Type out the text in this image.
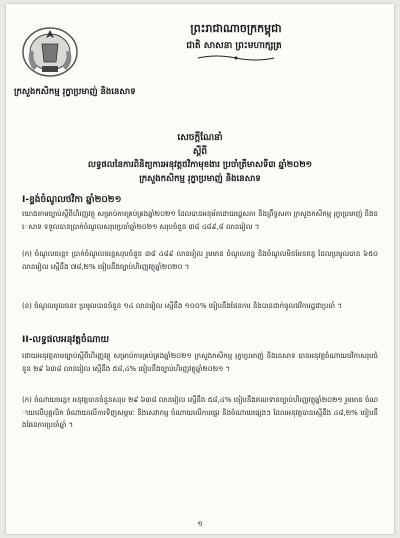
ព្រះរាជាណាចក្រកម្ពុជា
ជាតិ សាសនា ព្រះមហាក្សត្រ
ក្រសួងកសិកម្ម រុក្ខាប្រមាញ់ និងនេសាទ
សេចក្តីណែនាំ
ស្តីពី
លទ្ធផលនៃការពិនិត្យការអនុវត្តថវិកាមុខងារ ប្រចាំត្រីមាសទី៣ ឆ្នាំ២០២១
ក្រសួងកសិកម្ម រុក្ខាប្រមាញ់ និងនេសាទ
I-ខ្ទង់ចំណូលថវិកា ឆ្នាំ២០២១
យោងតាមច្បាប់ស្តីពីហិរញ្ញវត្ថុ សម្រាប់ការគ្រប់គ្រងឆ្នាំ២០២១ ដែលបានអនុម័តដោយរដ្ឋសភា និងព្រឹទ្ធសភា ក្រសួងកសិកម្ម រុក្ខាប្រមាញ់ និងនេសាទ ទទួលបានប្រាក់ចំណូលសរុបប្រចាំឆ្នាំ២០២១ សរុបចំនួន ៣៨ ៤៨៩,៨ លានរៀល ។
(ក) ចំណូលចរន្ត៖ ប្រាក់ចំណូលចរន្តសរុបចំនួន ៣៨ ៤៨៩ លានរៀល រួមមាន ចំណូលពន្ធ និងចំណូលមិនមែនពន្ធ ដែលប្រមូលបាន ៦៥០ លានរៀល ស្មើនឹង ៧៨,២% ធៀបនឹងច្បាប់ហិរញ្ញវត្ថុឆ្នាំ២០២០ ។
(ខ) ចំណូលមូលធន៖ ប្រមូលបានចំនួន ១៤ លានរៀល ស្មើនឹង ១០០% ធៀបនឹងផែនការ និងបានដាក់ចូលថវិការដ្ឋជាប្រចាំ ។
II-លទ្ធផលអនុវត្តចំណាយ
ដោយអនុវត្តតាមច្បាប់ស្តីពីហិរញ្ញវត្ថុ សម្រាប់ការគ្រប់គ្រងឆ្នាំ២០២១ ក្រសួងកសិកម្ម រុក្ខាប្រមាញ់ និងនេសាទ បានអនុវត្តចំណាយថវិកាសរុបចំនួន ២៩ ៦៣៨ លានរៀល ស្មើនឹង ៥៨,៤% ធៀបនឹងច្បាប់ហិរញ្ញវត្ថុឆ្នាំ២០២១ ។
(ក) ចំណាយចរន្ត៖ អនុវត្តបានចំនួនសរុប ២៩ ៦៣៨ លានរៀល ស្មើនឹង ៥៨,៤% ធៀបនឹងឥណទានច្បាប់ហិរញ្ញវត្ថុឆ្នាំ២០២១ រួមមាន ចំណាយលើបុគ្គលិក ចំណាយលើការទិញសម្ភារៈ និងសេវាកម្ម ចំណាយលើការផ្ទេរ និងចំណាយផ្សេងៗ ដែលអនុវត្តបានស្មើនឹង ៤៨,២% ធៀបនឹងផែនការប្រចាំឆ្នាំ ។
១
